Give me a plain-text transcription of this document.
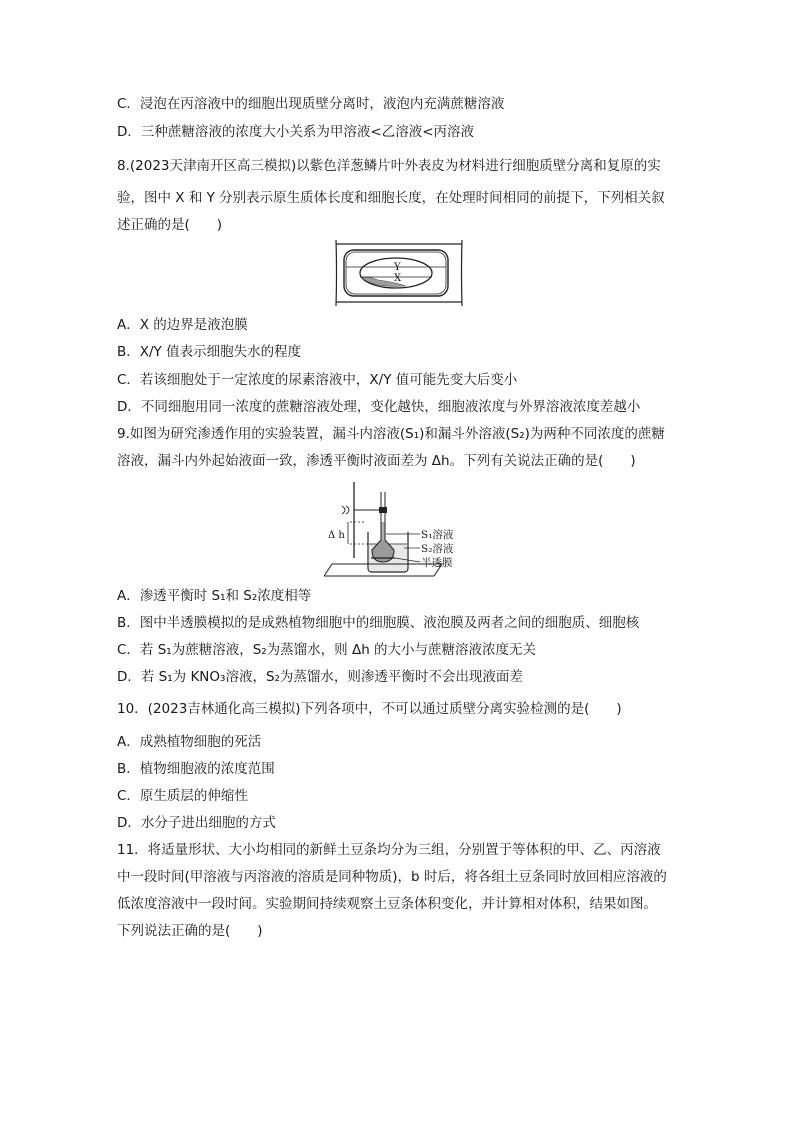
C．浸泡在丙溶液中的细胞出现质壁分离时，液泡内充满蔗糖溶液
D．三种蔗糖溶液的浓度大小关系为甲溶液<乙溶液<丙溶液
8.(2023天津南开区高三模拟)以紫色洋葱鳞片叶外表皮为材料进行细胞质壁分离和复原的实
验，图中 X 和 Y 分别表示原生质体长度和细胞长度，在处理时间相同的前提下，下列相关叙
述正确的是(　　)
Y
X
A．X 的边界是液泡膜
B．X/Y 值表示细胞失水的程度
C．若该细胞处于一定浓度的尿素溶液中，X/Y 值可能先变大后变小
D．不同细胞用同一浓度的蔗糖溶液处理，变化越快，细胞液浓度与外界溶液浓度差越小
9.如图为研究渗透作用的实验装置，漏斗内溶液(S₁)和漏斗外溶液(S₂)为两种不同浓度的蔗糖
溶液，漏斗内外起始液面一致，渗透平衡时液面差为 Δh。下列有关说法正确的是(　　)
Δ h	S₁溶液
S₂溶液
半透膜
A．渗透平衡时 S₁和 S₂浓度相等
B．图中半透膜模拟的是成熟植物细胞中的细胞膜、液泡膜及两者之间的细胞质、细胞核
C．若 S₁为蔗糖溶液，S₂为蒸馏水，则 Δh 的大小与蔗糖溶液浓度无关
D．若 S₁为 KNO₃溶液，S₂为蒸馏水，则渗透平衡时不会出现液面差
10．(2023吉林通化高三模拟)下列各项中，不可以通过质壁分离实验检测的是(　　)
A．成熟植物细胞的死活
B．植物细胞液的浓度范围
C．原生质层的伸缩性
D．水分子进出细胞的方式
11．将适量形状、大小均相同的新鲜土豆条均分为三组，分别置于等体积的甲、乙、丙溶液
中一段时间(甲溶液与丙溶液的溶质是同种物质)，b 时后，将各组土豆条同时放回相应溶液的
低浓度溶液中一段时间。实验期间持续观察土豆条体积变化，并计算相对体积，结果如图。
下列说法正确的是(　　)
